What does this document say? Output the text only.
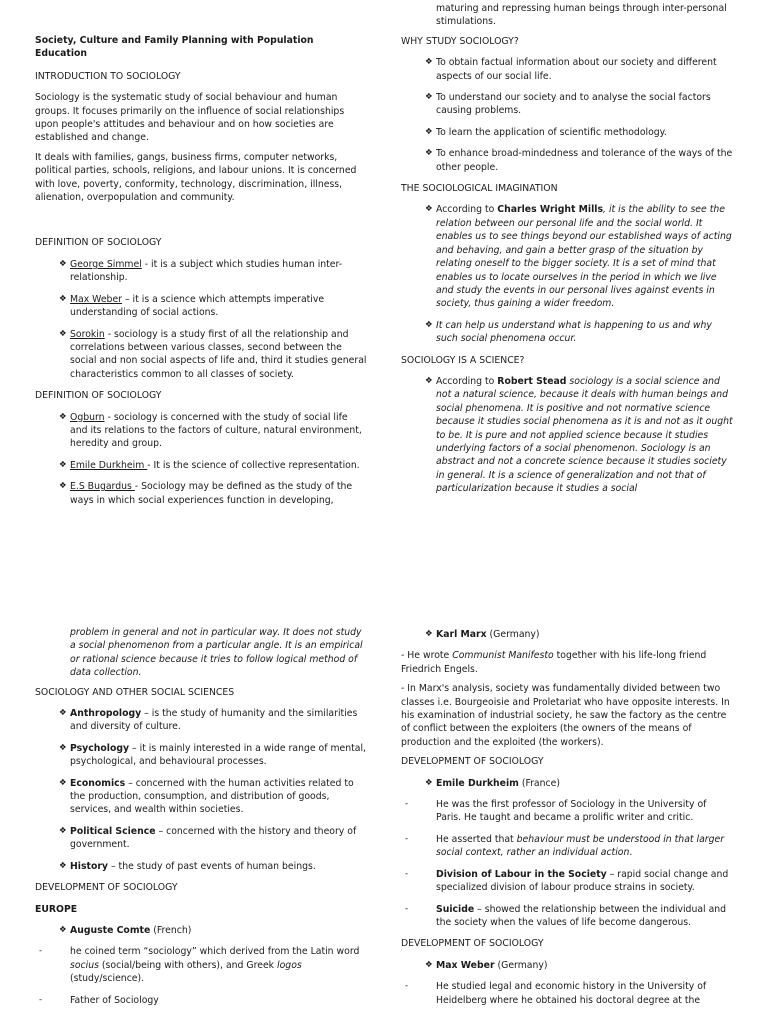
Society, Culture and Family Planning with Population Education

INTRODUCTION TO SOCIOLOGY

Sociology is the systematic study of social behaviour and human groups. It focuses primarily on the influence of social relationships upon people's attitudes and behaviour and on how societies are established and change.

It deals with families, gangs, business firms, computer networks, political parties, schools, religions, and labour unions. It is concerned with love, poverty, conformity, technology, discrimination, illness, alienation, overpopulation and community.

DEFINITION OF SOCIOLOGY

❖ George Simmel - it is a subject which studies human inter-relationship.
❖ Max Weber – it is a science which attempts imperative understanding of social actions.
❖ Sorokin - sociology is a study first of all the relationship and correlations between various classes, second between the social and non social aspects of life and, third it studies general characteristics common to all classes of society.

DEFINITION OF SOCIOLOGY

❖ Ogburn - sociology is concerned with the study of social life and its relations to the factors of culture, natural environment, heredity and group.
❖ Emile Durkheim - It is the science of collective representation.
❖ E.S Bugardus - Sociology may be defined as the study of the ways in which social experiences function in developing,

maturing and repressing human beings through inter-personal stimulations.

WHY STUDY SOCIOLOGY?

❖ To obtain factual information about our society and different aspects of our social life.
❖ To understand our society and to analyse the social factors causing problems.
❖ To learn the application of scientific methodology.
❖ To enhance broad-mindedness and tolerance of the ways of the other people.

THE SOCIOLOGICAL IMAGINATION

❖ According to Charles Wright Mills, it is the ability to see the relation between our personal life and the social world. It enables us to see things beyond our established ways of acting and behaving, and gain a better grasp of the situation by relating oneself to the bigger society. It is a set of mind that enables us to locate ourselves in the period in which we live and study the events in our personal lives against events in society, thus gaining a wider freedom.
❖ It can help us understand what is happening to us and why such social phenomena occur.

SOCIOLOGY IS A SCIENCE?

❖ According to Robert Stead sociology is a social science and not a natural science, because it deals with human beings and social phenomena. It is positive and not normative science because it studies social phenomena as it is and not as it ought to be. It is pure and not applied science because it studies underlying factors of a social phenomenon. Sociology is an abstract and not a concrete science because it studies society in general. It is a science of generalization and not that of particularization because it studies a social

problem in general and not in particular way. It does not study a social phenomenon from a particular angle. It is an empirical or rational science because it tries to follow logical method of data collection.

SOCIOLOGY AND OTHER SOCIAL SCIENCES

❖ Anthropology – is the study of humanity and the similarities and diversity of culture.
❖ Psychology – it is mainly interested in a wide range of mental, psychological, and behavioural processes.
❖ Economics – concerned with the human activities related to the production, consumption, and distribution of goods, services, and wealth within societies.
❖ Political Science – concerned with the history and theory of government.
❖ History – the study of past events of human beings.

DEVELOPMENT OF SOCIOLOGY

EUROPE

❖ Auguste Comte (French)
-	he coined term “sociology” which derived from the Latin word socius (social/being with others), and Greek logos (study/science).
-	Father of Sociology
❖ Karl Marx (Germany)

- He wrote Communist Manifesto together with his life-long friend Friedrich Engels.

- In Marx's analysis, society was fundamentally divided between two classes i.e. Bourgeoisie and Proletariat who have opposite interests. In his examination of industrial society, he saw the factory as the centre of conflict between the exploiters (the owners of the means of production and the exploited (the workers).

DEVELOPMENT OF SOCIOLOGY

❖ Emile Durkheim (France)
-	He was the first professor of Sociology in the University of Paris. He taught and became a prolific writer and critic.
-	He asserted that behaviour must be understood in that larger social context, rather an individual action.
-	Division of Labour in the Society – rapid social change and specialized division of labour produce strains in society.
-	Suicide – showed the relationship between the individual and the society when the values of life become dangerous.

DEVELOPMENT OF SOCIOLOGY

❖ Max Weber (Germany)
-	He studied legal and economic history in the University of Heidelberg where he obtained his doctoral degree at the
